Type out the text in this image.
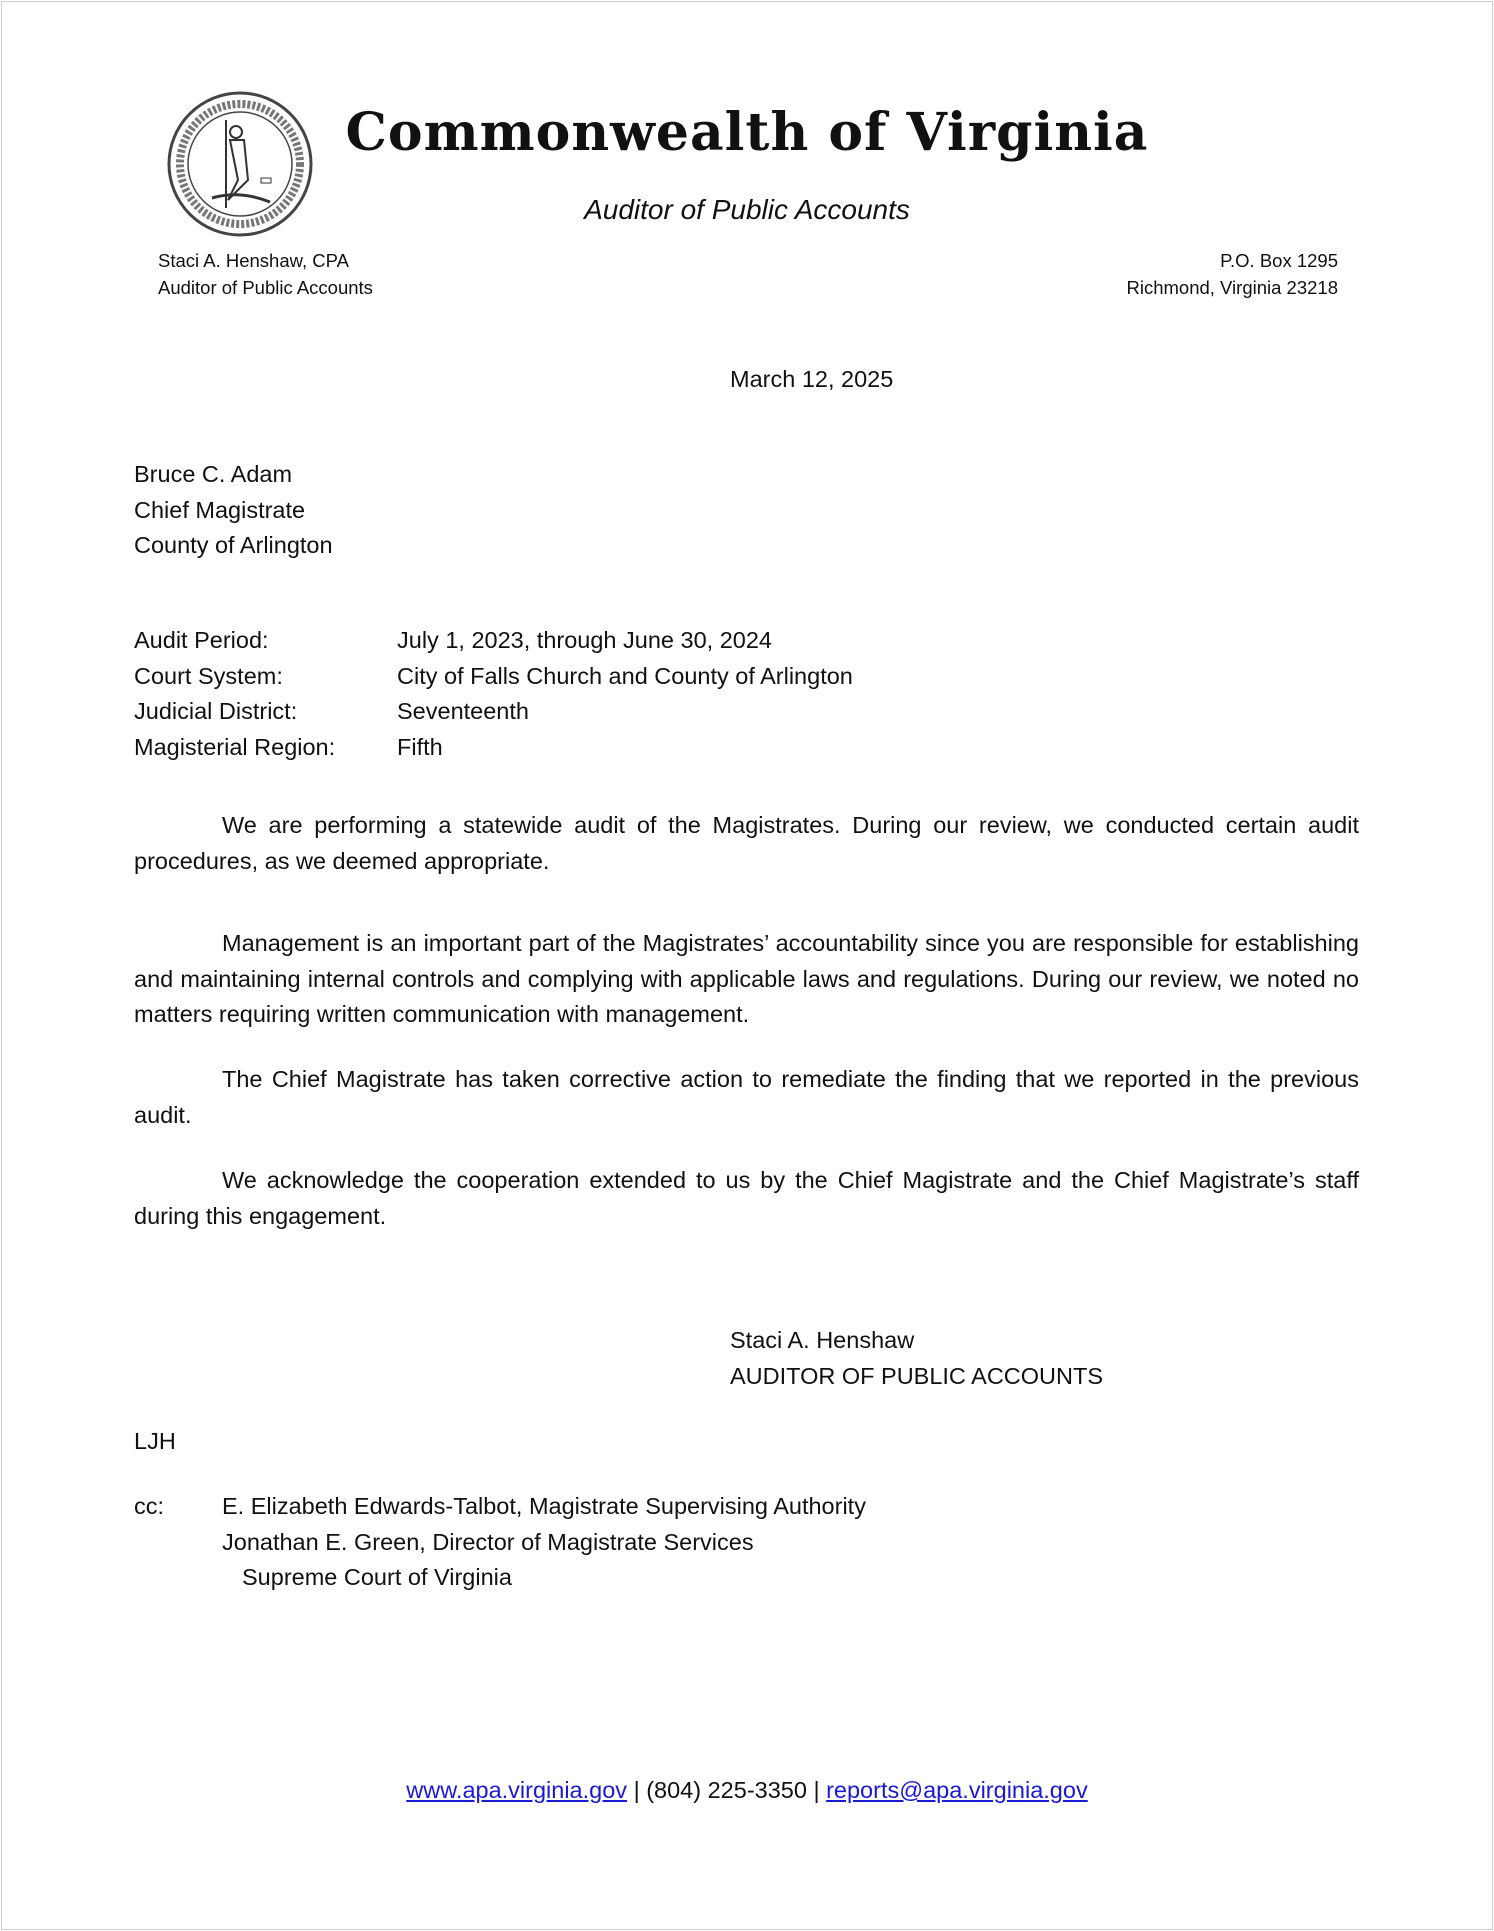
Commonwealth of Virginia
Auditor of Public Accounts
Staci A. Henshaw, CPA
Auditor of Public Accounts
P.O. Box 1295
Richmond, Virginia 23218
March 12, 2025
Bruce C. Adam
Chief Magistrate
County of Arlington
Audit Period:	July 1, 2023, through June 30, 2024
Court System:	City of Falls Church and County of Arlington
Judicial District:	Seventeenth
Magisterial Region:	Fifth

We are performing a statewide audit of the Magistrates. During our review, we conducted certain audit procedures, as we deemed appropriate.

Management is an important part of the Magistrates’ accountability since you are responsible for establishing and maintaining internal controls and complying with applicable laws and regulations. During our review, we noted no matters requiring written communication with management.

The Chief Magistrate has taken corrective action to remediate the finding that we reported in the previous audit.

We acknowledge the cooperation extended to us by the Chief Magistrate and the Chief Magistrate’s staff during this engagement.

Staci A. Henshaw
AUDITOR OF PUBLIC ACCOUNTS
LJH
cc: E. Elizabeth Edwards-Talbot, Magistrate Supervising Authority
Jonathan E. Green, Director of Magistrate Services
Supreme Court of Virginia
www.apa.virginia.gov | (804) 225-3350 | reports@apa.virginia.gov
